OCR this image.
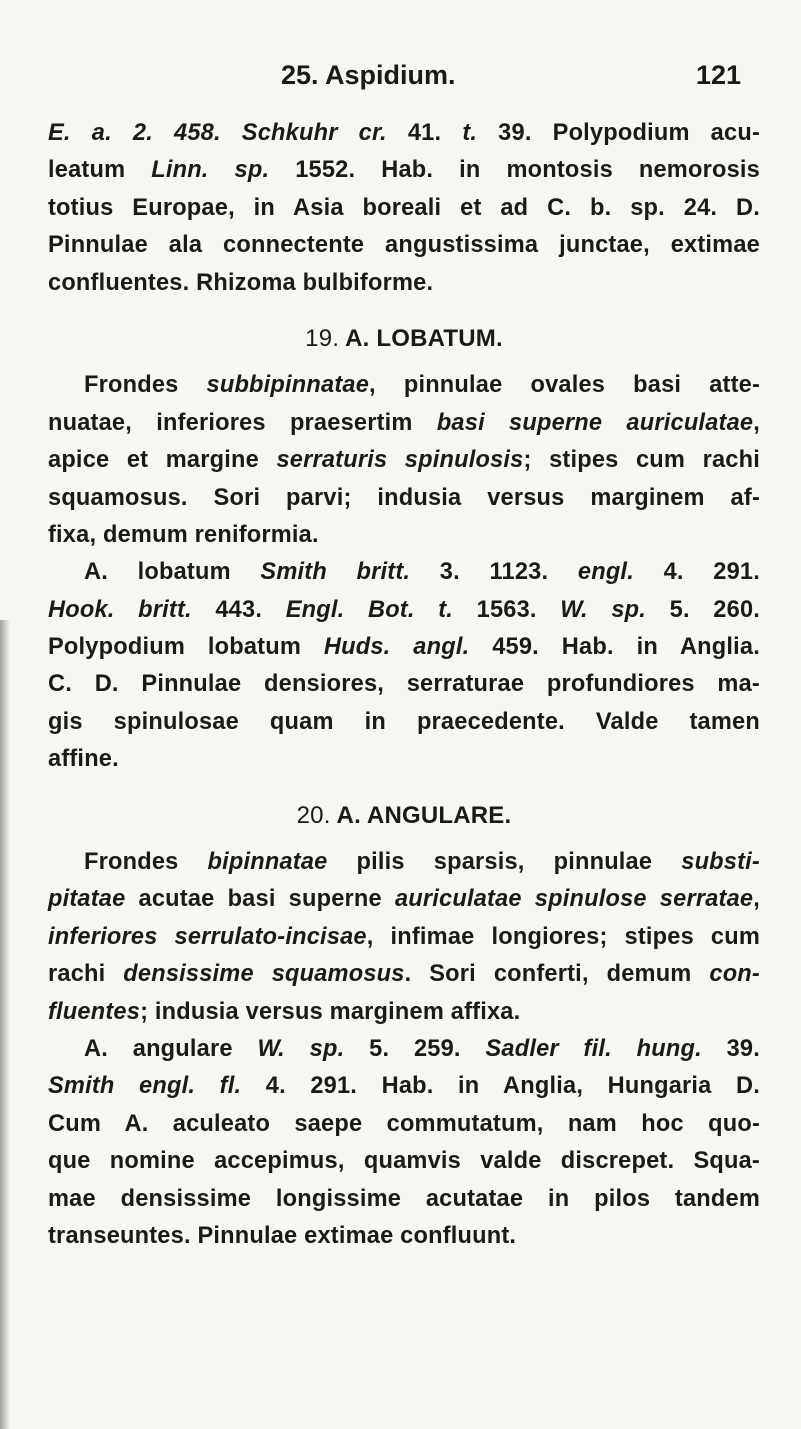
25. Aspidium.	121
E. a. 2. 458. Schkuhr cr. 41. t. 39. Polypodium acu-
leatum Linn. sp. 1552. Hab. in montosis nemorosis
totius Europae, in Asia boreali et ad C. b. sp. 24. D.
Pinnulae ala connectente angustissima junctae, extimae
confluentes. Rhizoma bulbiforme.
19. A. LOBATUM.
Frondes subbipinnatae, pinnulae ovales basi atte-
nuatae, inferiores praesertim basi superne auriculatae,
apice et margine serraturis spinulosis; stipes cum rachi
squamosus. Sori parvi; indusia versus marginem af-
fixa, demum reniformia.
A. lobatum Smith britt. 3. 1123. engl. 4. 291.
Hook. britt. 443. Engl. Bot. t. 1563. W. sp. 5. 260.
Polypodium lobatum Huds. angl. 459. Hab. in Anglia.
C. D. Pinnulae densiores, serraturae profundiores ma-
gis spinulosae quam in praecedente. Valde tamen
affine.
20. A. ANGULARE.
Frondes bipinnatae pilis sparsis, pinnulae substi-
pitatae acutae basi superne auriculatae spinulose serratae,
inferiores serrulato-incisae, infimae longiores; stipes cum
rachi densissime squamosus. Sori conferti, demum con-
fluentes; indusia versus marginem affixa.
A. angulare W. sp. 5. 259. Sadler fil. hung. 39.
Smith engl. fl. 4. 291. Hab. in Anglia, Hungaria D.
Cum A. aculeato saepe commutatum, nam hoc quo-
que nomine accepimus, quamvis valde discrepet. Squa-
mae densissime longissime acutatae in pilos tandem
transeuntes. Pinnulae extimae confluunt.
